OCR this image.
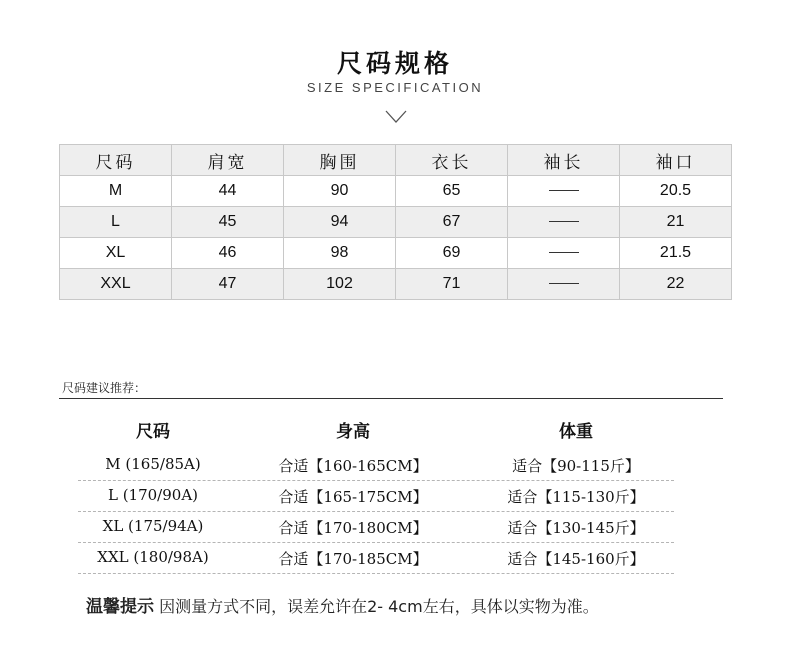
尺码规格
SIZE SPECIFICATION
尺码	肩宽	胸围	衣长	袖长	袖口
M	44	90	65		20.5
L	45	94	67		21
XL	46	98	69		21.5
XXL	47	102	71		22
尺码建议推荐：
尺码	身高	体重
M (165/85A)	合适【160-165CM】	适合【90-115斤】
L (170/90A)	合适【165-175CM】	适合【115-130斤】
XL (175/94A)	合适【170-180CM】	适合【130-145斤】
XXL (180/98A)	合适【170-185CM】	适合【145-160斤】
温馨提示 因测量方式不同，误差允许在2- 4cm左右，具体以实物为准。
